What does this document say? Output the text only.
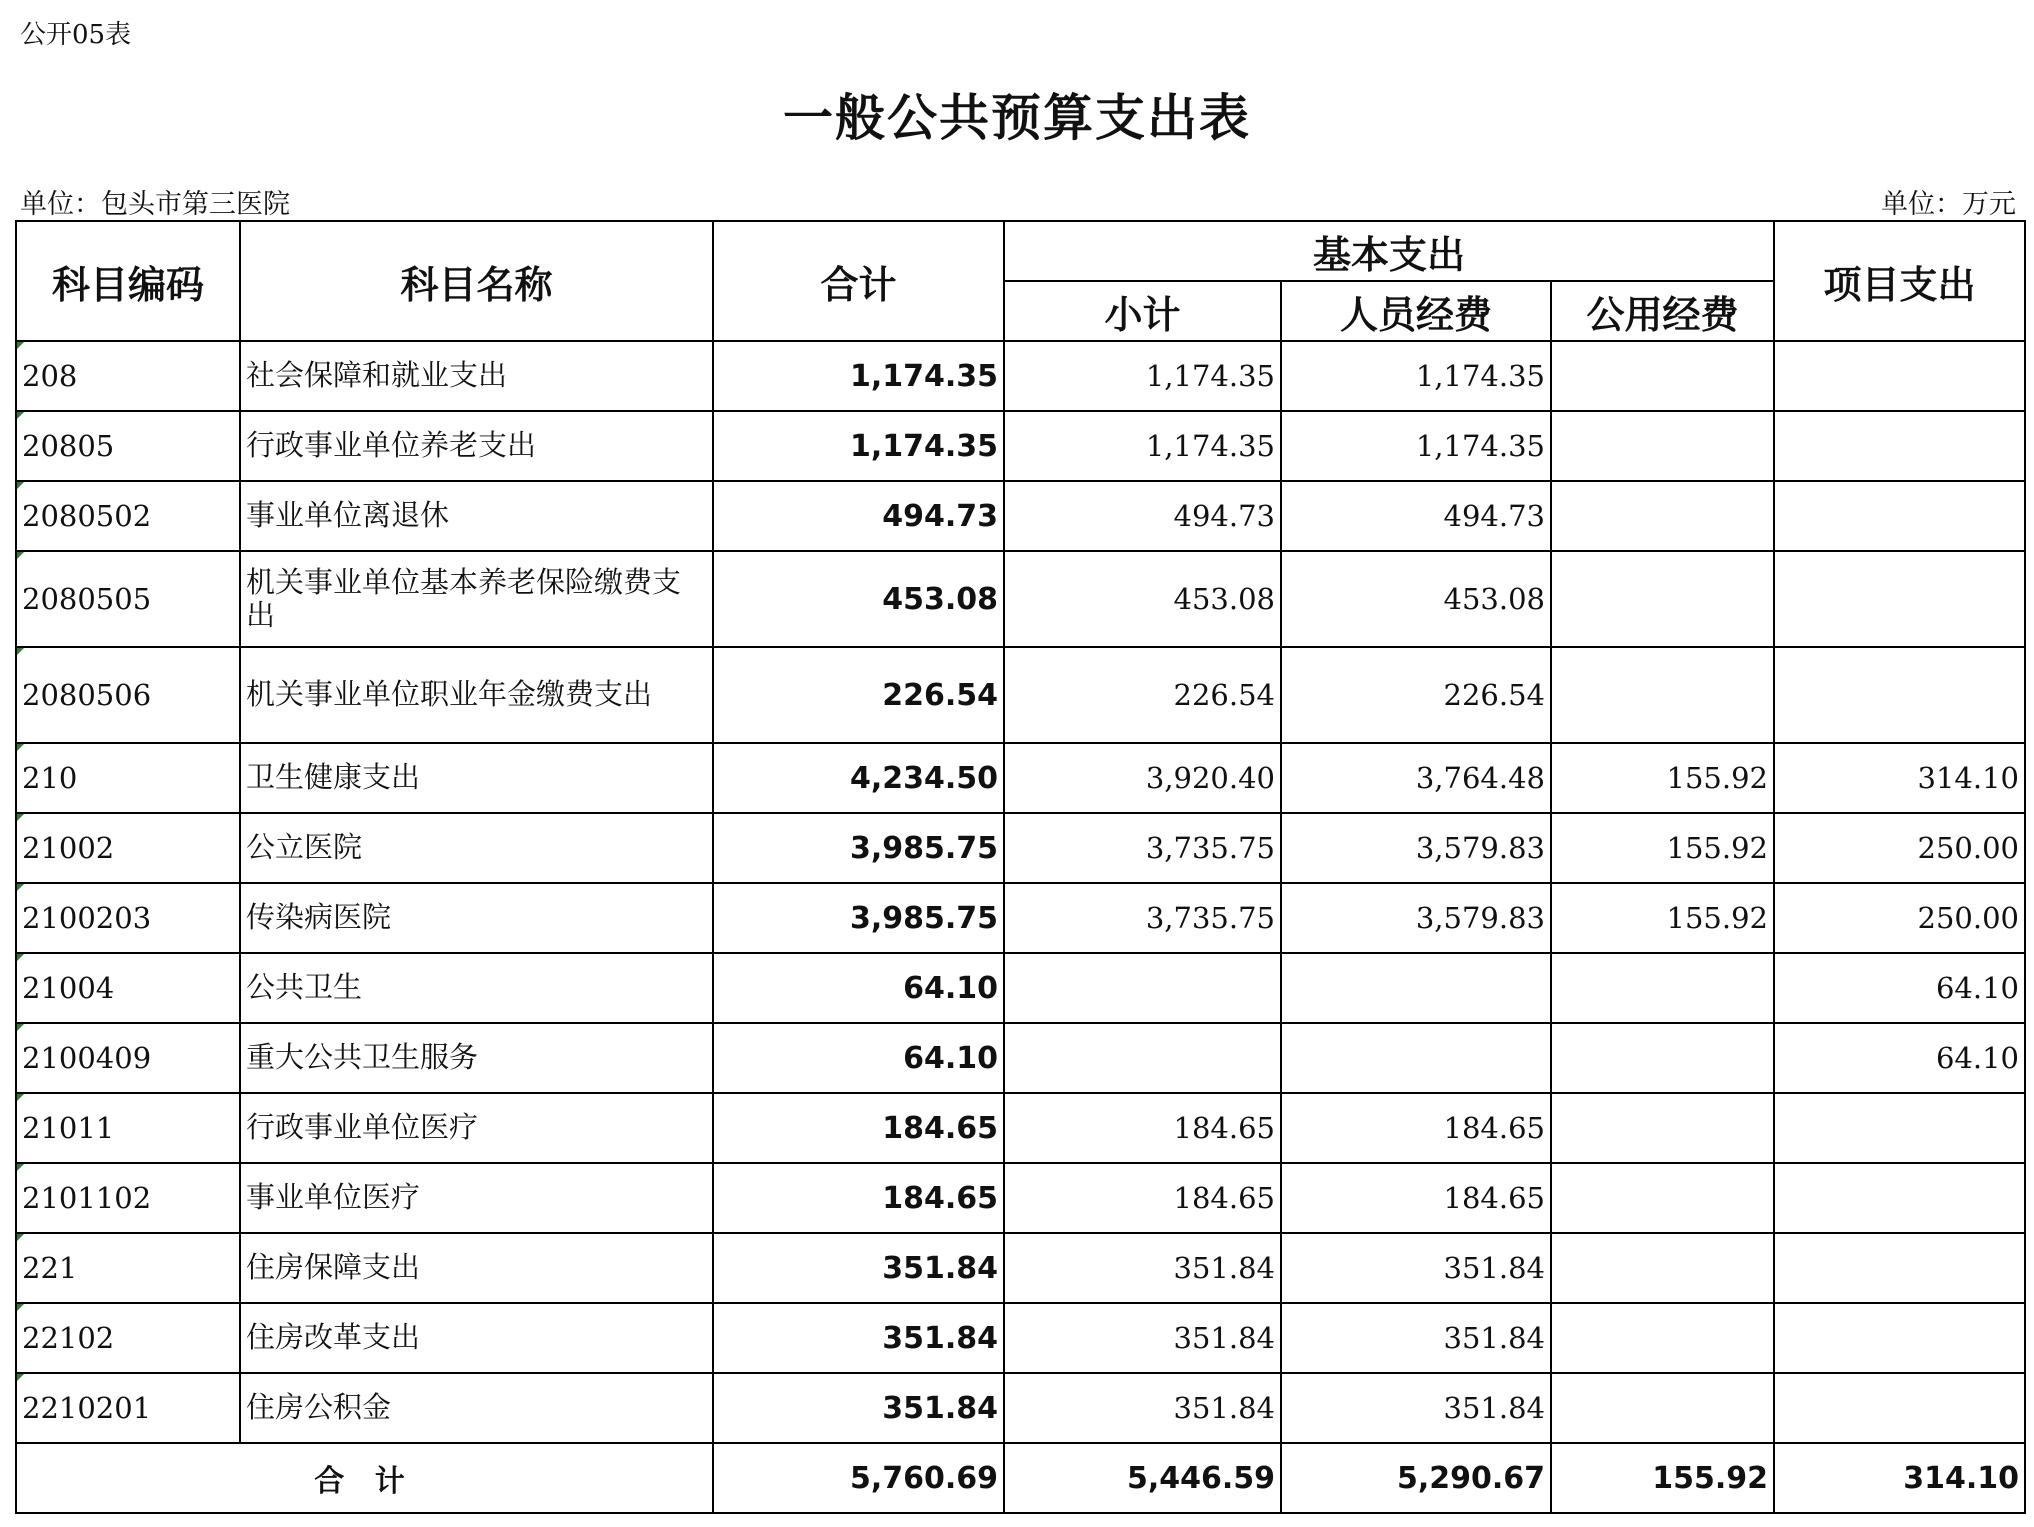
公开05表
一般公共预算支出表
单位：包头市第三医院	单位：万元
科目编码	科目名称	合计	基本支出			项目支出
			小计	人员经费	公用经费	
208	社会保障和就业支出	1,174.35	1,174.35	1,174.35		
20805	行政事业单位养老支出	1,174.35	1,174.35	1,174.35		
2080502	事业单位离退休	494.73	494.73	494.73		
2080505	机关事业单位基本养老保险缴费支出	453.08	453.08	453.08		
2080506	机关事业单位职业年金缴费支出	226.54	226.54	226.54		
210	卫生健康支出	4,234.50	3,920.40	3,764.48	155.92	314.10
21002	公立医院	3,985.75	3,735.75	3,579.83	155.92	250.00
2100203	传染病医院	3,985.75	3,735.75	3,579.83	155.92	250.00
21004	公共卫生	64.10				64.10
2100409	重大公共卫生服务	64.10				64.10
21011	行政事业单位医疗	184.65	184.65	184.65		
2101102	事业单位医疗	184.65	184.65	184.65		
221	住房保障支出	351.84	351.84	351.84		
22102	住房改革支出	351.84	351.84	351.84		
2210201	住房公积金	351.84	351.84	351.84		
合 计		5,760.69	5,446.59	5,290.67	155.92	314.10
